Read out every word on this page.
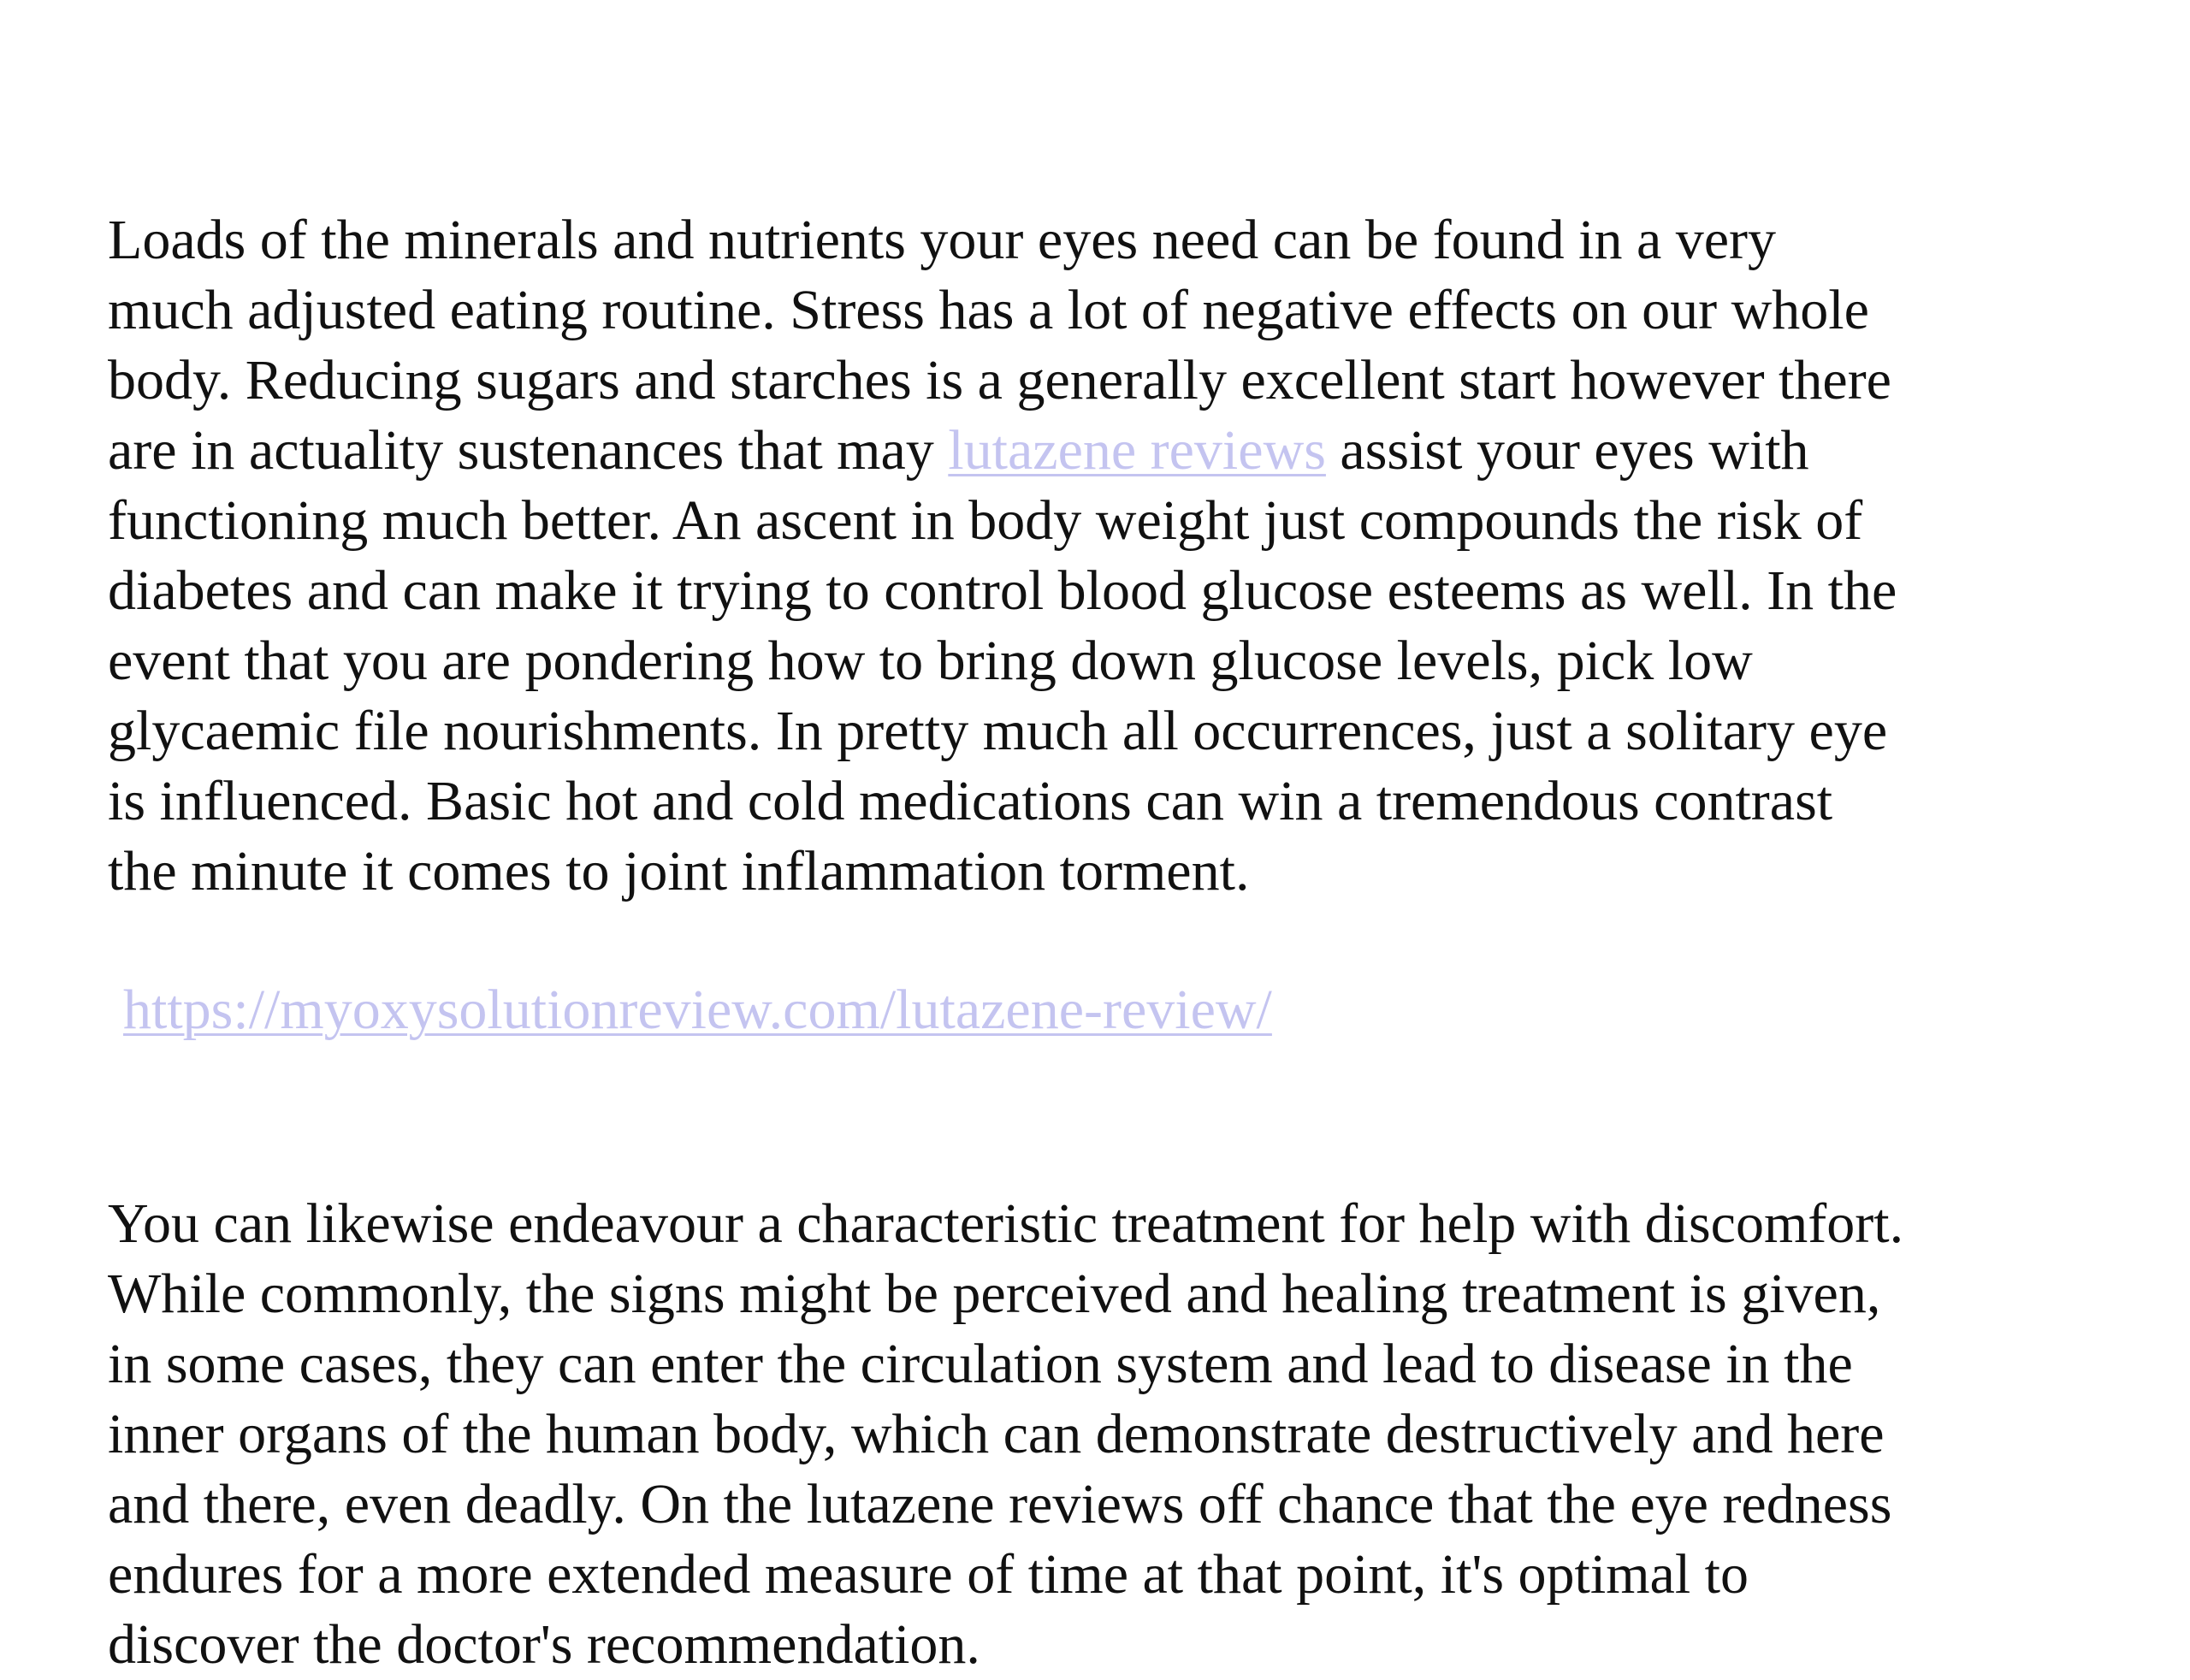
Loads of the minerals and nutrients your eyes need can be found in a very
much adjusted eating routine. Stress has a lot of negative effects on our whole
body. Reducing sugars and starches is a generally excellent start however there
are in actuality sustenances that may lutazene reviews assist your eyes with
functioning much better. An ascent in body weight just compounds the risk of
diabetes and can make it trying to control blood glucose esteems as well. In the
event that you are pondering how to bring down glucose levels, pick low
glycaemic file nourishments. In pretty much all occurrences, just a solitary eye
is influenced. Basic hot and cold medications can win a tremendous contrast
the minute it comes to joint inflammation torment.

https://myoxysolutionreview.com/lutazene-review/

You can likewise endeavour a characteristic treatment for help with discomfort.
While commonly, the signs might be perceived and healing treatment is given,
in some cases, they can enter the circulation system and lead to disease in the
inner organs of the human body, which can demonstrate destructively and here
and there, even deadly. On the lutazene reviews off chance that the eye redness
endures for a more extended measure of time at that point, it's optimal to
discover the doctor's recommendation.
